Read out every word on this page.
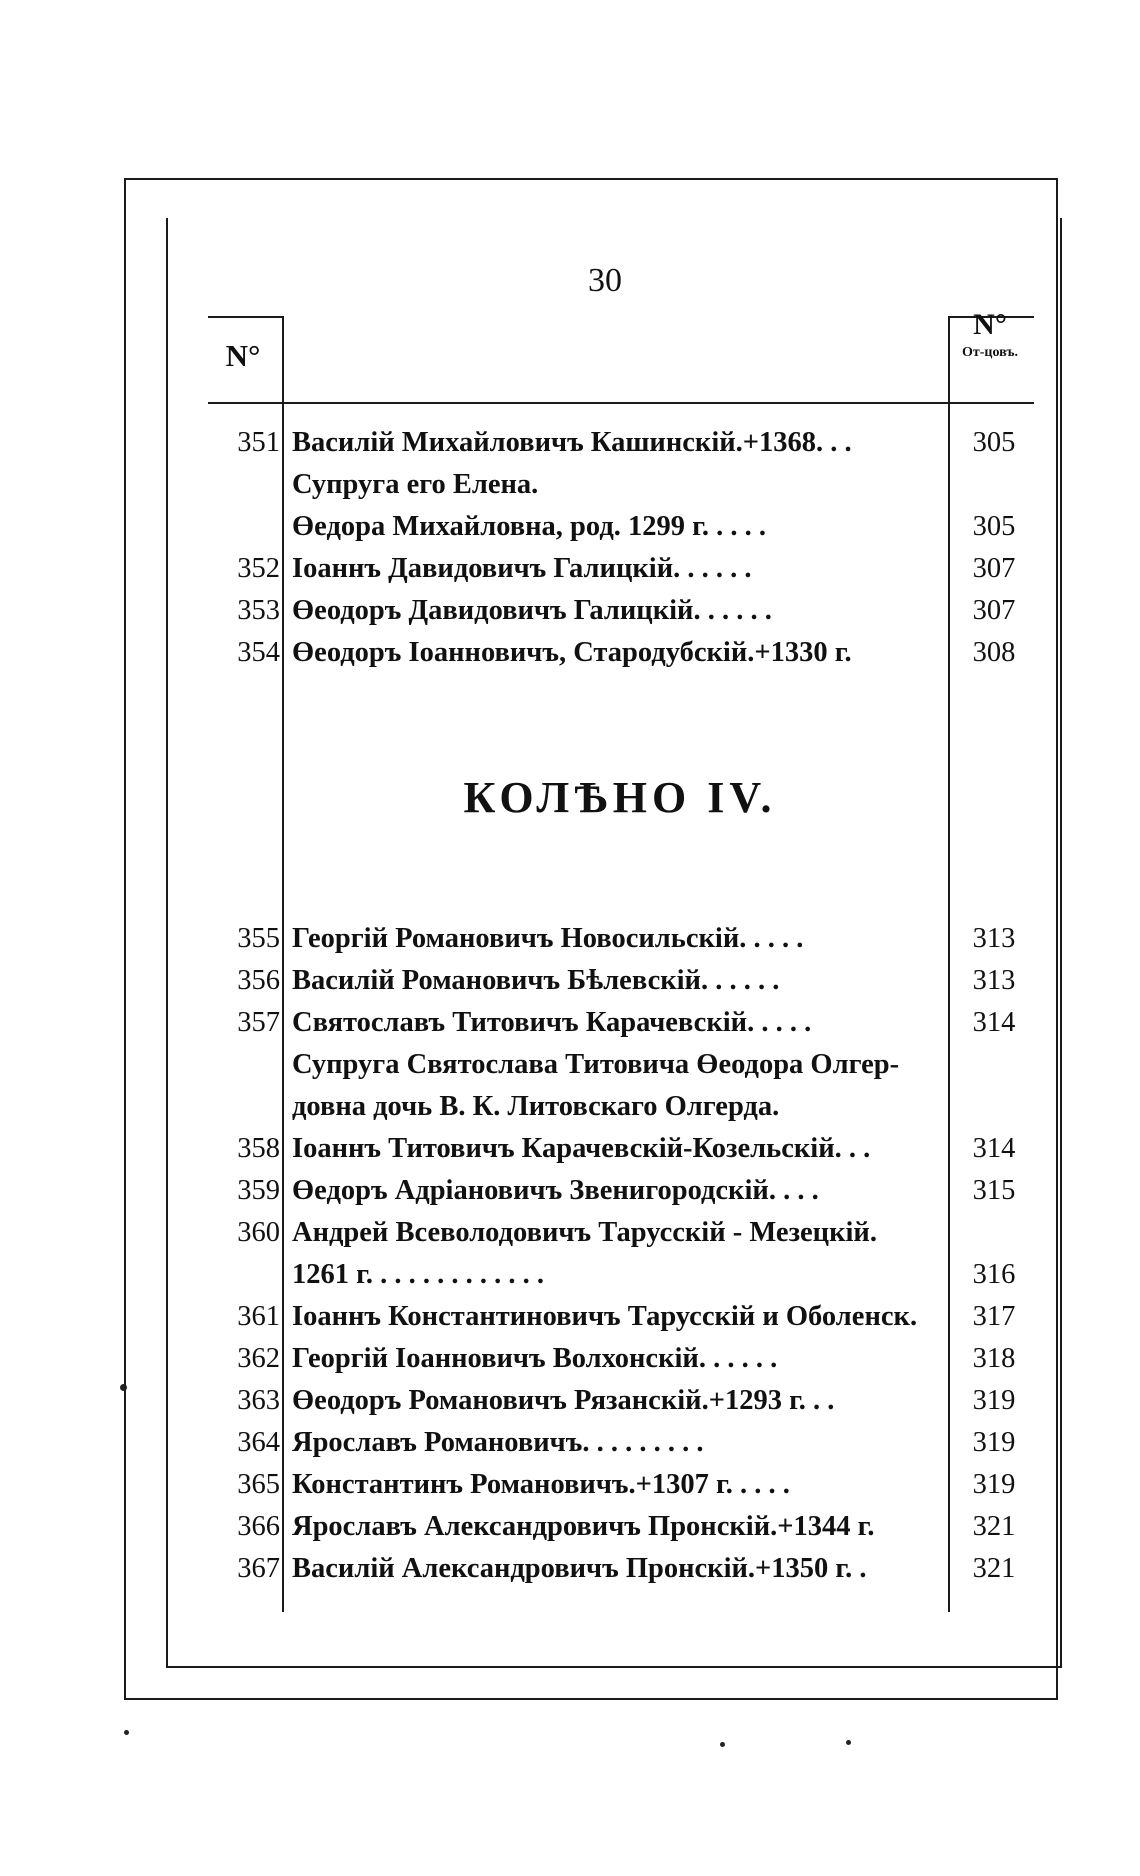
30
N°
N°
От-цовъ.
351 Василій Михайловичъ Кашинскій.+1368. . .	305
Супруга его Елена.
Өедора Михайловна, род. 1299 г. . . . .	305
352 Іоаннъ Давидовичъ Галицкій. . . . . .	307
353 Өеодоръ Давидовичъ Галицкій. . . . . .	307
354 Өеодоръ Іоанновичъ, Стародубскій.+1330 г.	308
КОЛѢНО IV.
355 Георгій Романовичъ Новосильскій. . . . .	313
356 Василій Романовичъ Бѣлевскій. . . . . .	313
357 Святославъ Титовичъ Карачевскій. . . . .	314
Супруга Святослава Титовича Өеодора Олгер-
довна дочь В. К. Литовскаго Олгерда.
358 Іоаннъ Титовичъ Карачевскій-Козельскій. . .	314
359 Өедоръ Адріановичъ Звенигородскій. . . .	315
360 Андрей Всеволодовичъ Тарусскій - Мезецкій.
1261 г. . . . . . . . . . . . .	316
361 Іоаннъ Константиновичъ Тарусскій и Оболенск.	317
362 Георгій Іоанновичъ Волхонскій. . . . . .	318
363 Өеодоръ Романовичъ Рязанскій.+1293 г. . .	319
364 Ярославъ Романовичъ. . . . . . . . .	319
365 Константинъ Романовичъ.+1307 г. . . . .	319
366 Ярославъ Александровичъ Пронскій.+1344 г.	321
367 Василій Александровичъ Пронскій.+1350 г. .	321
